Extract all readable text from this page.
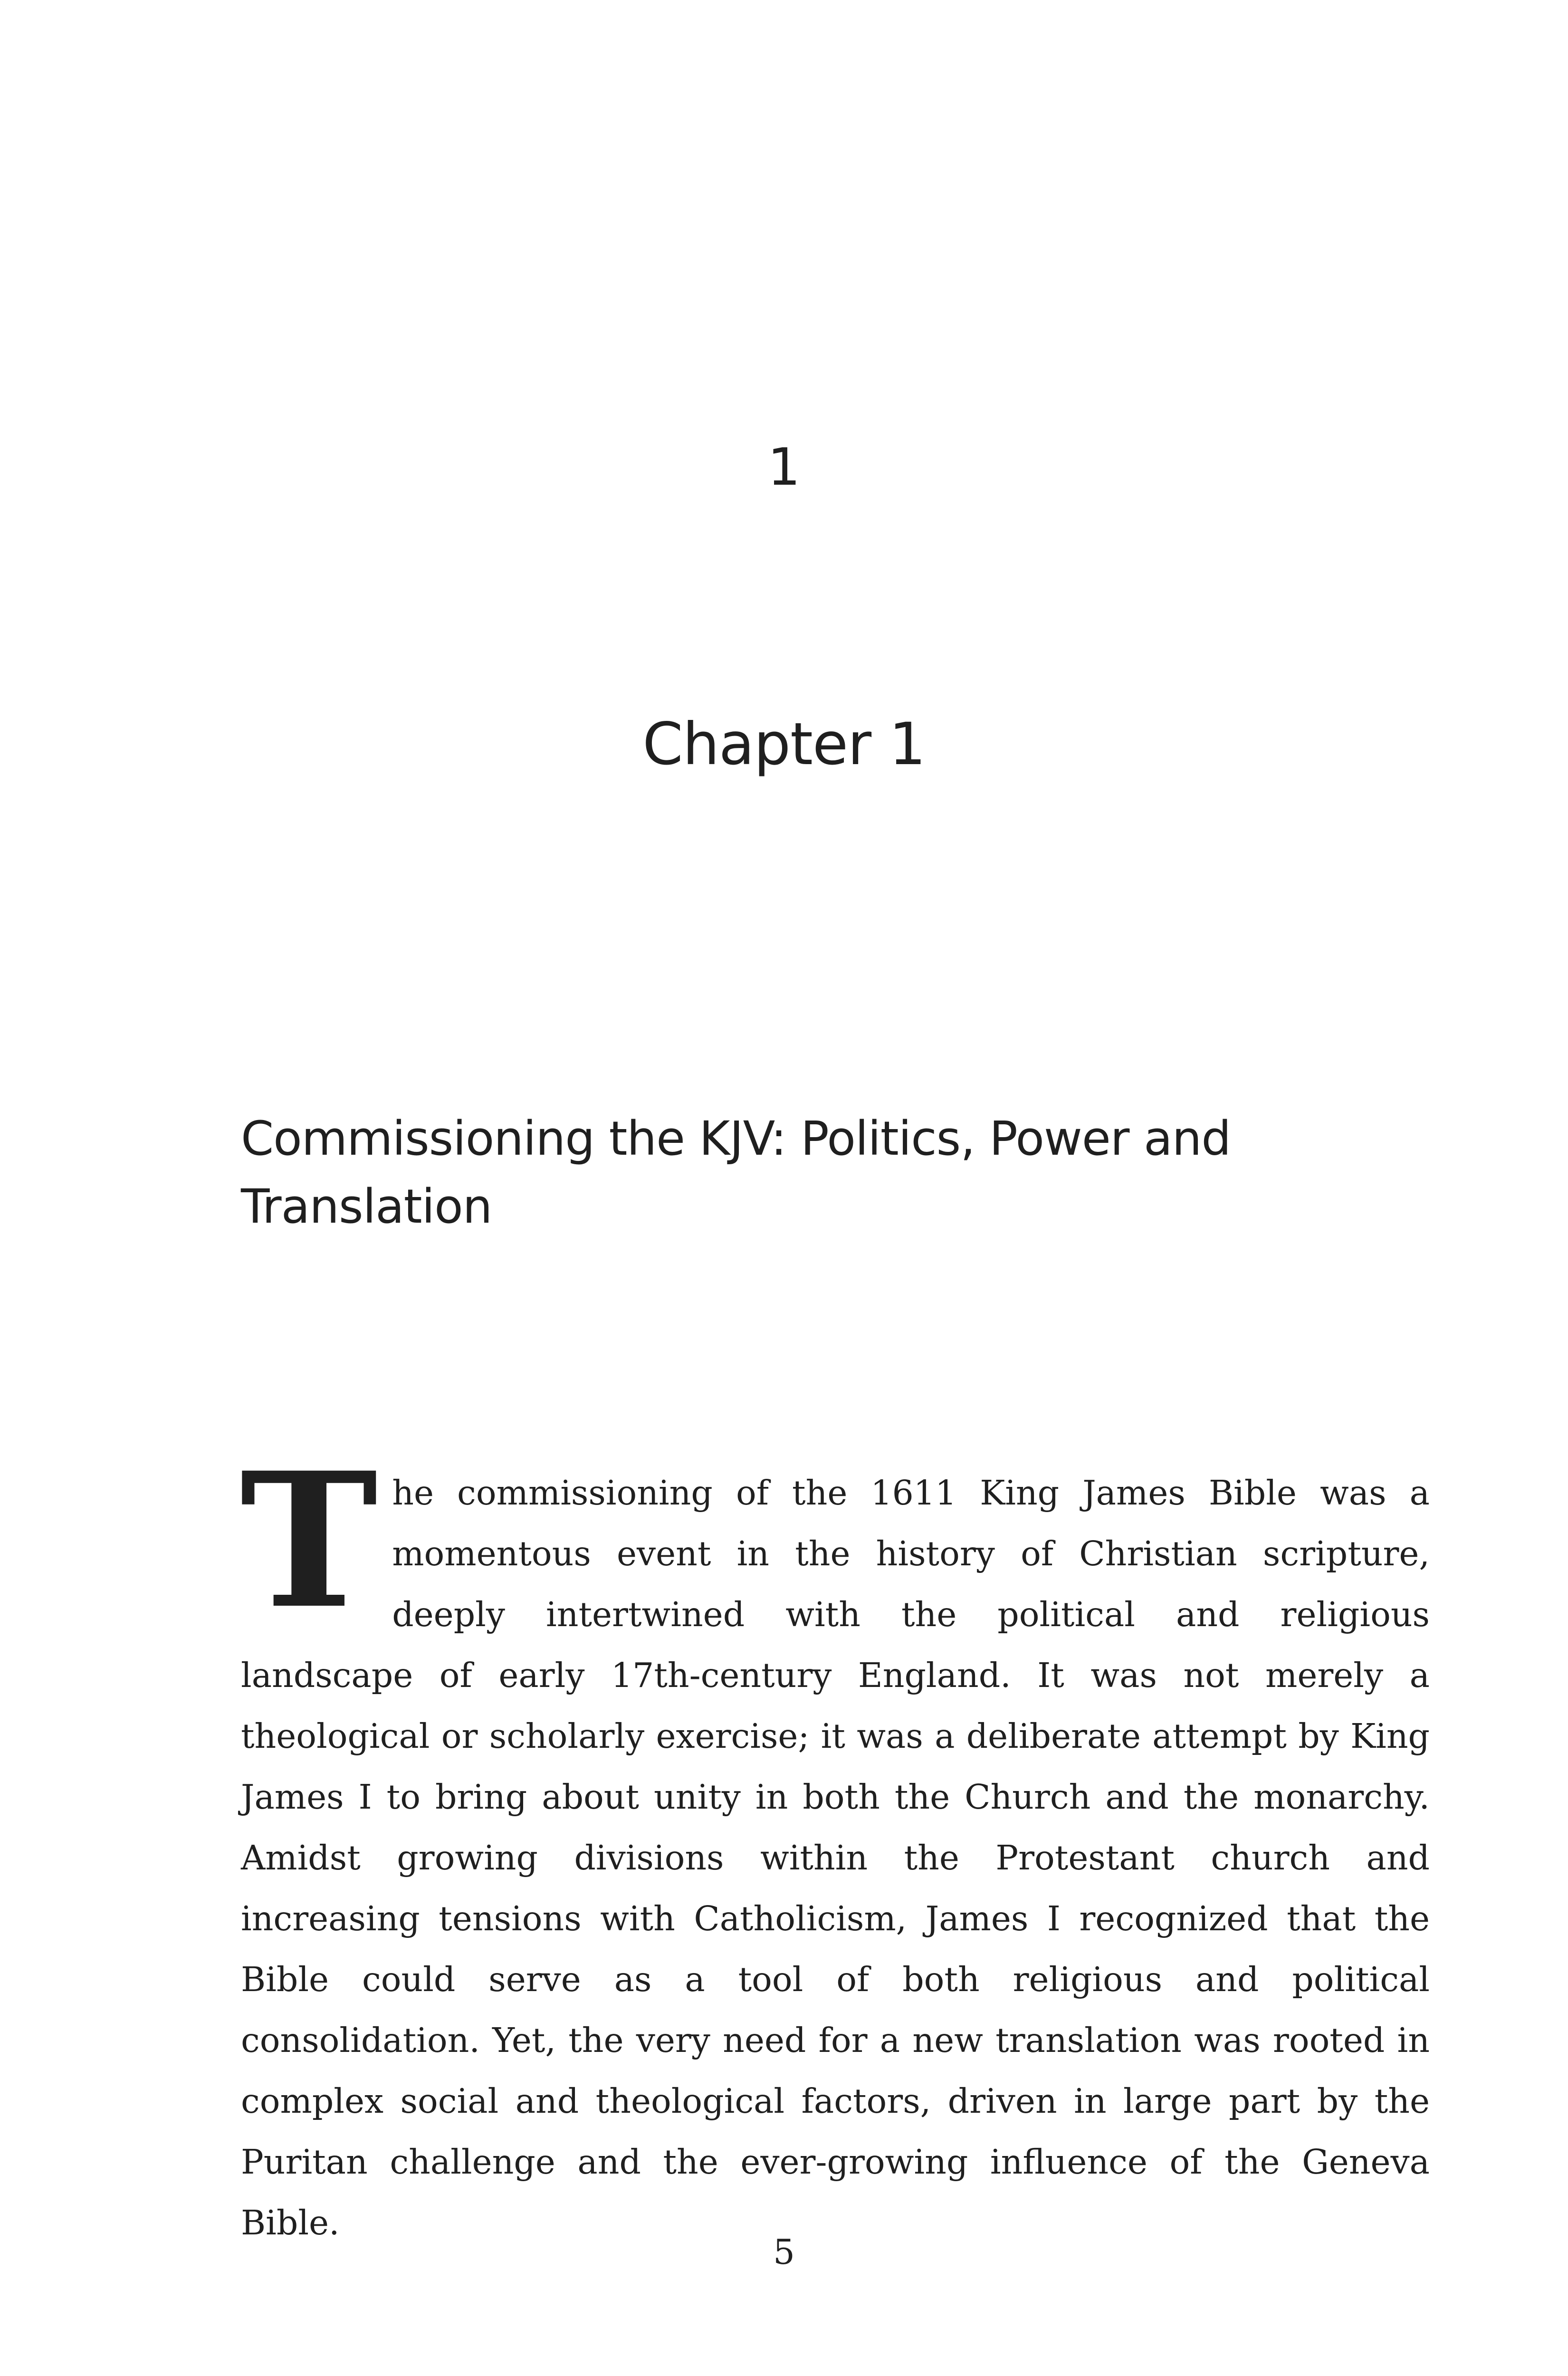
1
Chapter 1
Commissioning the KJV: Politics, Power and Translation

The commissioning of the 1611 King James Bible was a momentous event in the history of Christian scripture, deeply intertwined with the political and religious landscape of early 17th-century England. It was not merely a theological or scholarly exercise; it was a deliberate attempt by King James I to bring about unity in both the Church and the monarchy. Amidst growing divisions within the Protestant church and increasing tensions with Catholicism, James I recognized that the Bible could serve as a tool of both religious and political consolidation. Yet, the very need for a new translation was rooted in complex social and theological factors, driven in large part by the Puritan challenge and the ever-growing influence of the Geneva Bible.

5
